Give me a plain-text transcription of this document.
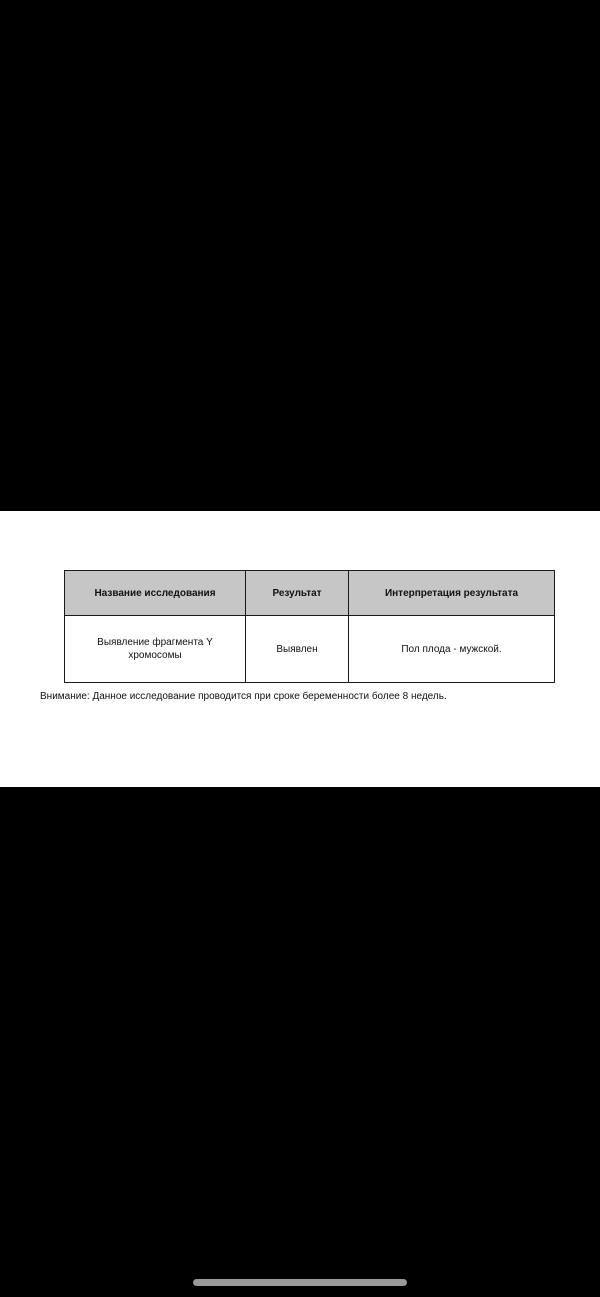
Название исследования	Результат	Интерпретация результата
Выявление фрагмента Y хромосомы	Выявлен	Пол плода - мужской.
Внимание: Данное исследование проводится при сроке беременности более 8 недель.
